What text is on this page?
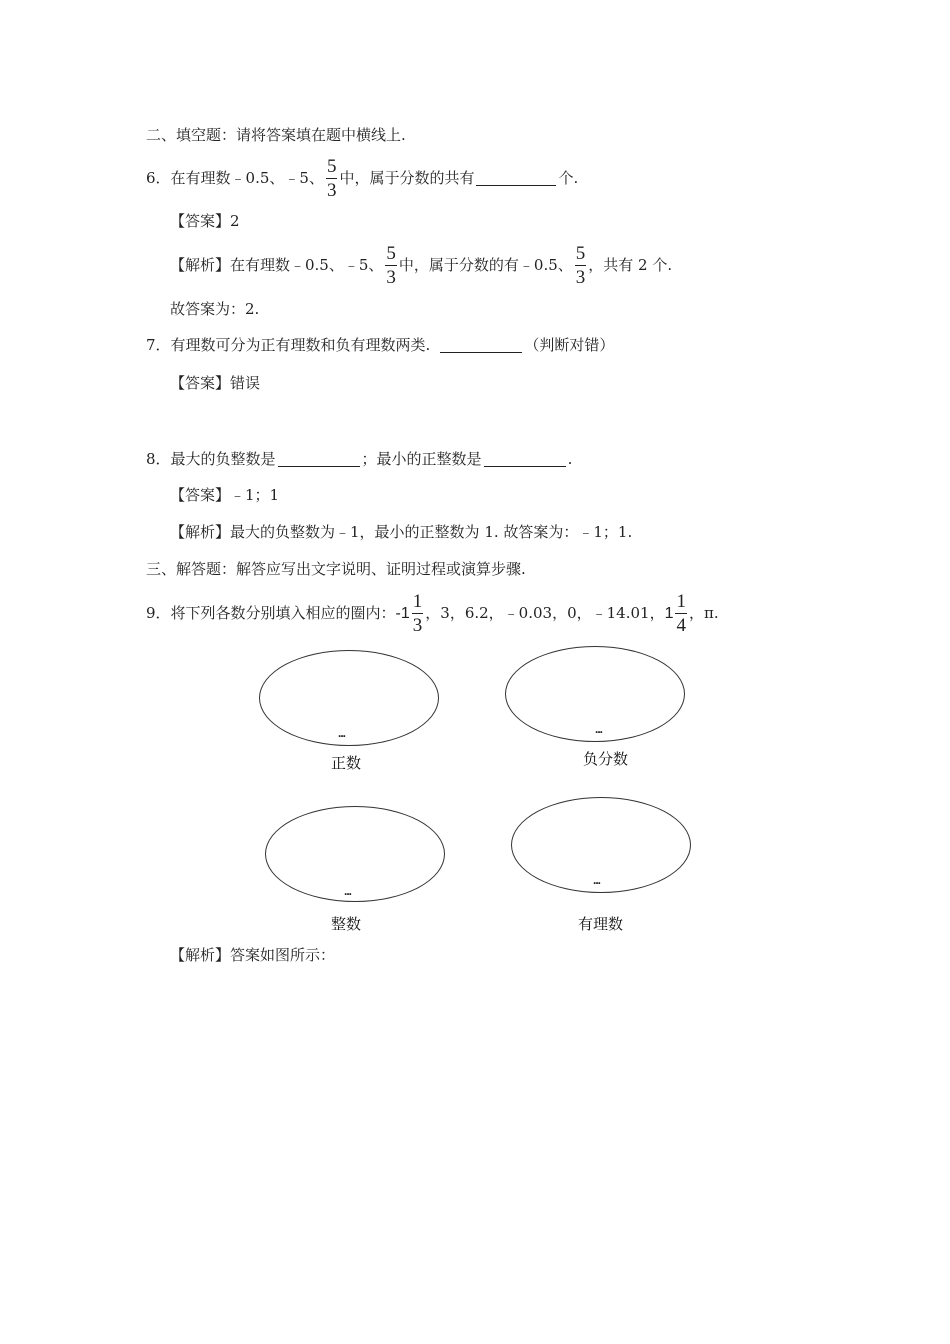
二、填空题：请将答案填在题中横线上.
6．在有理数﹣0.5、﹣5、 $\frac{5}{3}$ 中，属于分数的共有	个.
【答案】2
【解析】在有理数﹣0.5、﹣5、 $\frac{5}{3}$ 中，属于分数的有﹣0.5、 $\frac{5}{3}$ ，共有 2 个.
故答案为：2.
7．有理数可分为正有理数和负有理数两类.	（判断对错）
【答案】错误
8．最大的负整数是	；最小的正整数是	.
【答案】﹣1；1
【解析】最大的负整数为﹣1，最小的正整数为 1. 故答案为：﹣1；1.
三、解答题：解答应写出文字说明、证明过程或演算步骤.
9．将下列各数分别填入相应的圈内： $-1 \frac{1}{3}$ ，3，6.2，﹣0.03，0，﹣14.01， $1 \frac{1}{4}$ ，π.
...
正数
...
负分数
...
整数
...
有理数
【解析】答案如图所示：
